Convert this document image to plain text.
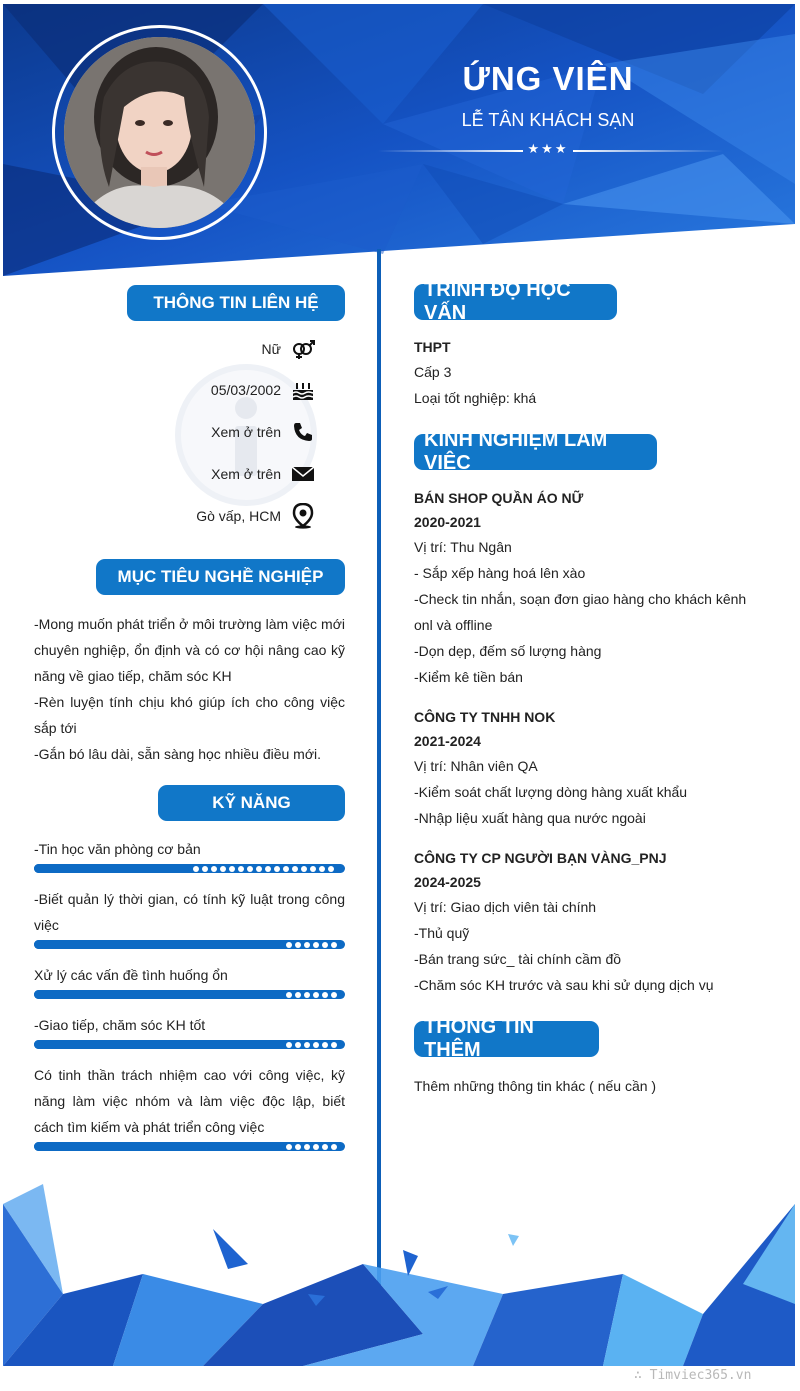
ỨNG VIÊN
LỄ TÂN KHÁCH SẠN
★★★
THÔNG TIN LIÊN HỆ
Nữ
05/03/2002
Xem ở trên
Xem ở trên
Gò vấp, HCM
MỤC TIÊU NGHỀ NGHIỆP
-Mong muốn phát triển ở môi trường làm việc mới chuyên nghiệp, ổn định và có cơ hội nâng cao kỹ năng về giao tiếp, chăm sóc KH
-Rèn luyện tính chịu khó giúp ích cho công việc sắp tới
-Gắn bó lâu dài, sẵn sàng học nhiều điều mới.
KỸ NĂNG
-Tin học văn phòng cơ bản
-Biết quản lý thời gian, có tính kỹ luật trong công việc
Xử lý các vấn đề tình huống ổn
-Giao tiếp, chăm sóc KH tốt
Có tinh thần trách nhiệm cao với công việc, kỹ năng làm việc nhóm và làm việc độc lập, biết cách tìm kiếm và phát triển công việc
TRÌNH ĐỘ HỌC VẤN
THPT
Cấp 3
Loại tốt nghiệp: khá
KINH NGHIỆM LÀM VIỆC
BÁN SHOP QUẦN ÁO NỮ
2020-2021
Vị trí: Thu Ngân
- Sắp xếp hàng hoá lên xào
-Check tin nhắn, soạn đơn giao hàng cho khách kênh onl và offline
-Dọn dẹp, đếm số lượng hàng
-Kiểm kê tiền bán
CÔNG TY TNHH NOK
2021-2024
Vị trí: Nhân viên QA
-Kiểm soát chất lượng dòng hàng xuất khẩu
-Nhập liệu xuất hàng qua nước ngoài
CÔNG TY CP NGƯỜI BẠN VÀNG_PNJ
2024-2025
Vị trí: Giao dịch viên tài chính
-Thủ quỹ
-Bán trang sức_ tài chính cầm đồ
-Chăm sóc KH trước và sau khi sử dụng dịch vụ
THÔNG TIN THÊM
Thêm những thông tin khác ( nếu cần )
∴ Timviec365.vn
